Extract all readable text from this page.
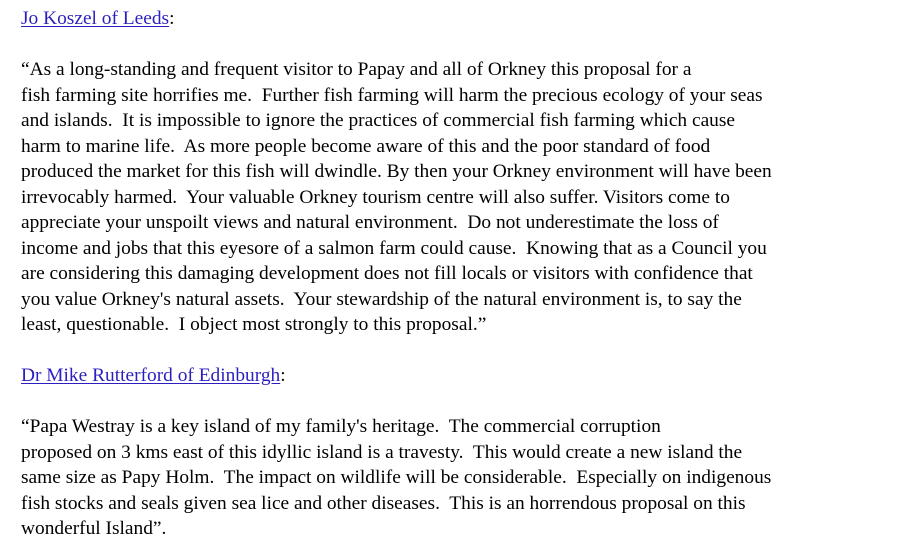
Jo Koszel of Leeds:
“As a long-standing and frequent visitor to Papay and all of Orkney this proposal for a
fish farming site horrifies me.  Further fish farming will harm the precious ecology of your seas
and islands.  It is impossible to ignore the practices of commercial fish farming which cause
harm to marine life.  As more people become aware of this and the poor standard of food
produced the market for this fish will dwindle. By then your Orkney environment will have been
irrevocably harmed.  Your valuable Orkney tourism centre will also suffer. Visitors come to
appreciate your unspoilt views and natural environment.  Do not underestimate the loss of
income and jobs that this eyesore of a salmon farm could cause.  Knowing that as a Council you
are considering this damaging development does not fill locals or visitors with confidence that
you value Orkney's natural assets.  Your stewardship of the natural environment is, to say the
least, questionable.  I object most strongly to this proposal.”
Dr Mike Rutterford of Edinburgh:
“Papa Westray is a key island of my family's heritage.  The commercial corruption
proposed on 3 kms east of this idyllic island is a travesty.  This would create a new island the
same size as Papy Holm.  The impact on wildlife will be considerable.  Especially on indigenous
fish stocks and seals given sea lice and other diseases.  This is an horrendous proposal on this
wonderful Island”.
